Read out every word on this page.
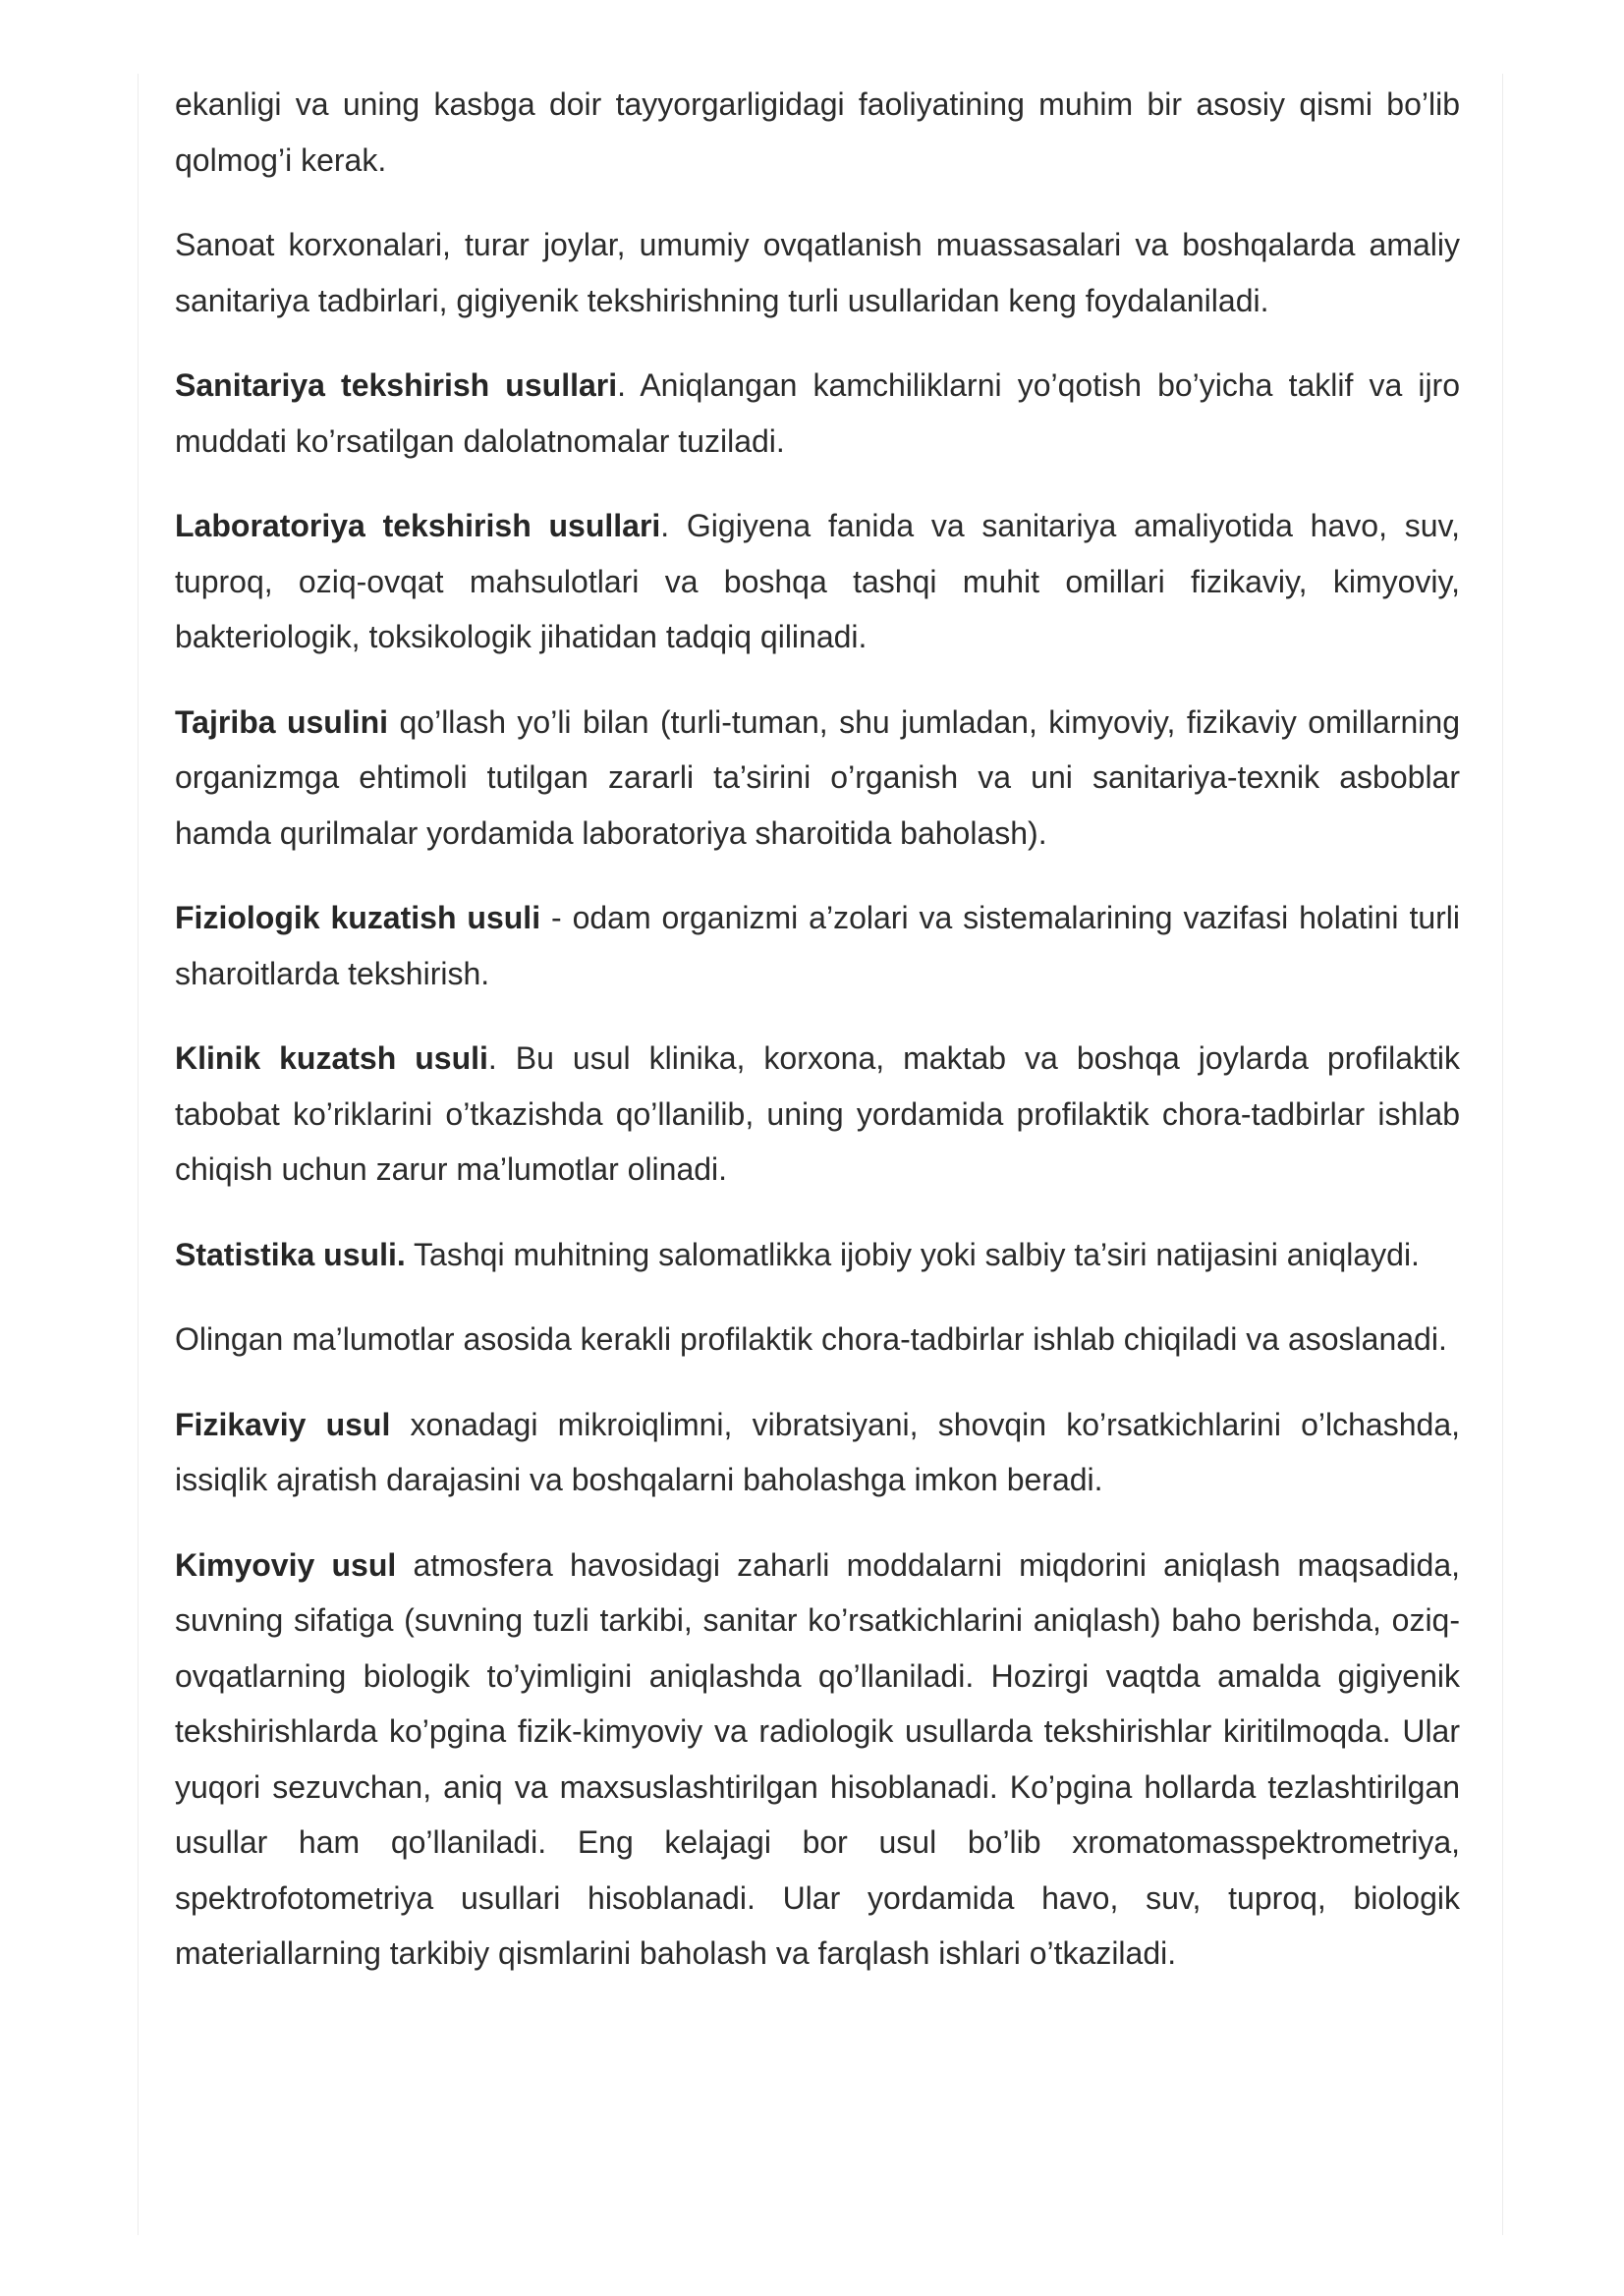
ekanligi va uning kasbga doir tayyorgarligidagi faoliyatining muhim bir asosiy qismi bo’lib qolmog’i kerak.

Sanoat korxonalari, turar joylar, umumiy ovqatlanish muassasalari va boshqalarda amaliy sanitariya tadbirlari, gigiyenik tekshirishning turli usullaridan keng foydalaniladi.

Sanitariya tekshirish usullari. Aniqlangan kamchiliklarni yo’qotish bo’yicha taklif va ijro muddati ko’rsatilgan dalolatnomalar tuziladi.

Laboratoriya tekshirish usullari. Gigiyena fanida va sanitariya amaliyotida havo, suv, tuproq, oziq-ovqat mahsulotlari va boshqa tashqi muhit omillari fizikaviy, kimyoviy, bakteriologik, toksikologik jihatidan tadqiq qilinadi.

Tajriba usulini qo’llash yo’li bilan (turli-tuman, shu jumladan, kimyoviy, fizikaviy omillarning organizmga ehtimoli tutilgan zararli ta’sirini o’rganish va uni sanitariya-texnik asboblar hamda qurilmalar yordamida laboratoriya sharoitida baholash).

Fiziologik kuzatish usuli - odam organizmi a’zolari va sistemalarining vazifasi holatini turli sharoitlarda tekshirish.

Klinik kuzatsh usuli. Bu usul klinika, korxona, maktab va boshqa joylarda profilaktik tabobat ko’riklarini o’tkazishda qo’llanilib, uning yordamida profilaktik chora-tadbirlar ishlab chiqish uchun zarur ma’lumotlar olinadi.

Statistika usuli. Tashqi muhitning salomatlikka ijobiy yoki salbiy ta’siri natijasini aniqlaydi.

Olingan ma’lumotlar asosida kerakli profilaktik chora-tadbirlar ishlab chiqiladi va asoslanadi.

Fizikaviy usul xonadagi mikroiqlimni, vibratsiyani, shovqin ko’rsatkichlarini o’lchashda, issiqlik ajratish darajasini va boshqalarni baholashga imkon beradi.

Kimyoviy usul atmosfera havosidagi zaharli moddalarni miqdorini aniqlash maqsadida, suvning sifatiga (suvning tuzli tarkibi, sanitar ko’rsatkichlarini aniqlash) baho berishda, oziq- ovqatlarning biologik to’yimligini aniqlashda qo’llaniladi. Hozirgi vaqtda amalda gigiyenik tekshirishlarda ko’pgina fizik-kimyoviy va radiologik usullarda tekshirishlar kiritilmoqda. Ular yuqori sezuvchan, aniq va maxsuslashtirilgan hisoblanadi. Ko’pgina hollarda tezlashtirilgan usullar ham qo’llaniladi. Eng kelajagi bor usul bo’lib xromatomasspektrometriya, spektrofotometriya usullari hisoblanadi. Ular yordamida havo, suv, tuproq, biologik materiallarning tarkibiy qismlarini baholash va farqlash ishlari o’tkaziladi.
